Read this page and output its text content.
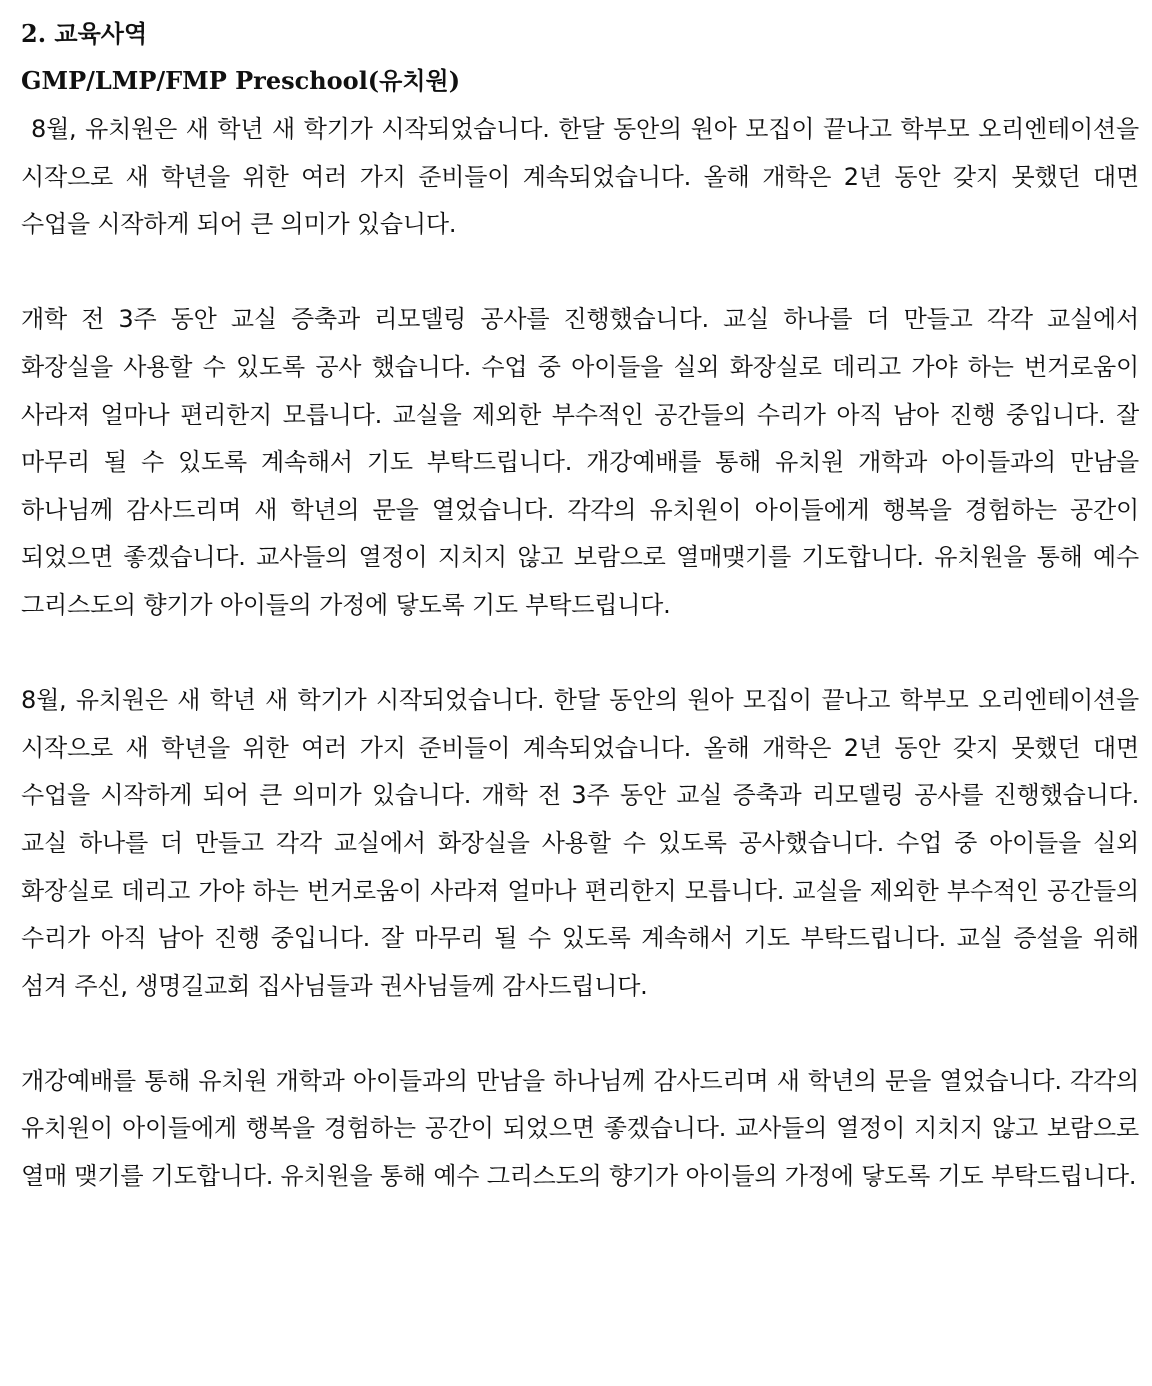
2. 교육사역
GMP/LMP/FMP Preschool(유치원)

8월, 유치원은 새 학년 새 학기가 시작되었습니다. 한달 동안의 원아 모집이 끝나고 학부모 오리엔테이션을 시작으로 새 학년을 위한 여러 가지 준비들이 계속되었습니다. 올해 개학은 2년 동안 갖지 못했던 대면 수업을 시작하게 되어 큰 의미가 있습니다.

개학 전 3주 동안 교실 증축과 리모델링 공사를 진행했습니다. 교실 하나를 더 만들고 각각 교실에서 화장실을 사용할 수 있도록 공사 했습니다. 수업 중 아이들을 실외 화장실로 데리고 가야 하는 번거로움이 사라져 얼마나 편리한지 모릅니다. 교실을 제외한 부수적인 공간들의 수리가 아직 남아 진행 중입니다. 잘 마무리 될 수 있도록 계속해서 기도 부탁드립니다. 개강예배를 통해 유치원 개학과 아이들과의 만남을 하나님께 감사드리며 새 학년의 문을 열었습니다. 각각의 유치원이 아이들에게 행복을 경험하는 공간이 되었으면 좋겠습니다. 교사들의 열정이 지치지 않고 보람으로 열매맺기를 기도합니다. 유치원을 통해 예수 그리스도의 향기가 아이들의 가정에 닿도록 기도 부탁드립니다.

8월, 유치원은 새 학년 새 학기가 시작되었습니다. 한달 동안의 원아 모집이 끝나고 학부모 오리엔테이션을 시작으로 새 학년을 위한 여러 가지 준비들이 계속되었습니다. 올해 개학은 2년 동안 갖지 못했던 대면 수업을 시작하게 되어 큰 의미가 있습니다. 개학 전 3주 동안 교실 증축과 리모델링 공사를 진행했습니다. 교실 하나를 더 만들고 각각 교실에서 화장실을 사용할 수 있도록 공사했습니다. 수업 중 아이들을 실외 화장실로 데리고 가야 하는 번거로움이 사라져 얼마나 편리한지 모릅니다. 교실을 제외한 부수적인 공간들의 수리가 아직 남아 진행 중입니다. 잘 마무리 될 수 있도록 계속해서 기도 부탁드립니다. 교실 증설을 위해 섬겨 주신, 생명길교회 집사님들과 권사님들께 감사드립니다.

개강예배를 통해 유치원 개학과 아이들과의 만남을 하나님께 감사드리며 새 학년의 문을 열었습니다. 각각의 유치원이 아이들에게 행복을 경험하는 공간이 되었으면 좋겠습니다. 교사들의 열정이 지치지 않고 보람으로 열매 맺기를 기도합니다. 유치원을 통해 예수 그리스도의 향기가 아이들의 가정에 닿도록 기도 부탁드립니다.
